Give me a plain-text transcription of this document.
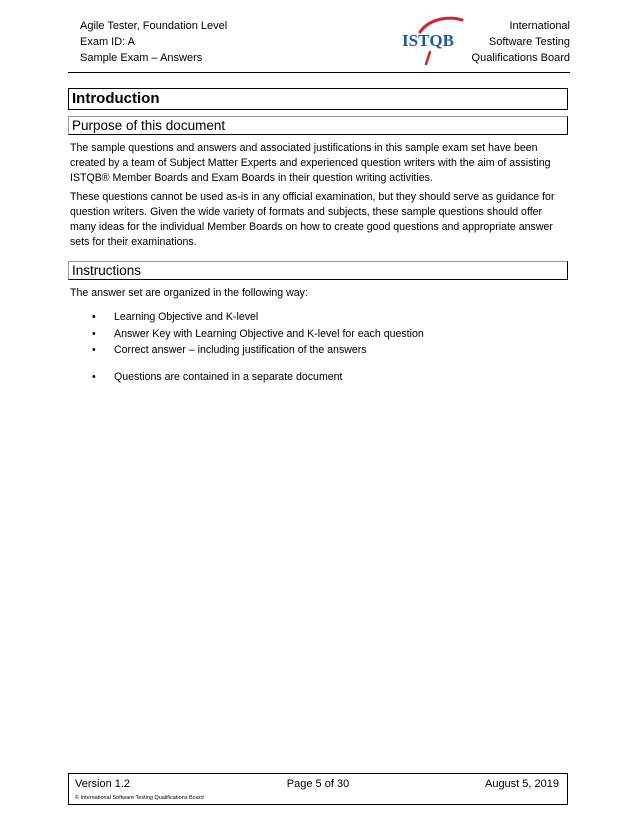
Agile Tester, Foundation Level
Exam ID: A
Sample Exam – Answers
ISTQB
International
Software Testing
Qualifications Board
Introduction
Purpose of this document
The sample questions and answers and associated justifications in this sample exam set have been created by a team of Subject Matter Experts and experienced question writers with the aim of assisting ISTQB® Member Boards and Exam Boards in their question writing activities.
These questions cannot be used as-is in any official examination, but they should serve as guidance for question writers. Given the wide variety of formats and subjects, these sample questions should offer many ideas for the individual Member Boards on how to create good questions and appropriate answer sets for their examinations.
Instructions
The answer set are organized in the following way:
• Learning Objective and K-level
• Answer Key with Learning Objective and K-level for each question
• Correct answer – including justification of the answers
• Questions are contained in a separate document
Version 1.2	Page 5 of 30	August 5, 2019
© International Software Testing Qualifications Board
